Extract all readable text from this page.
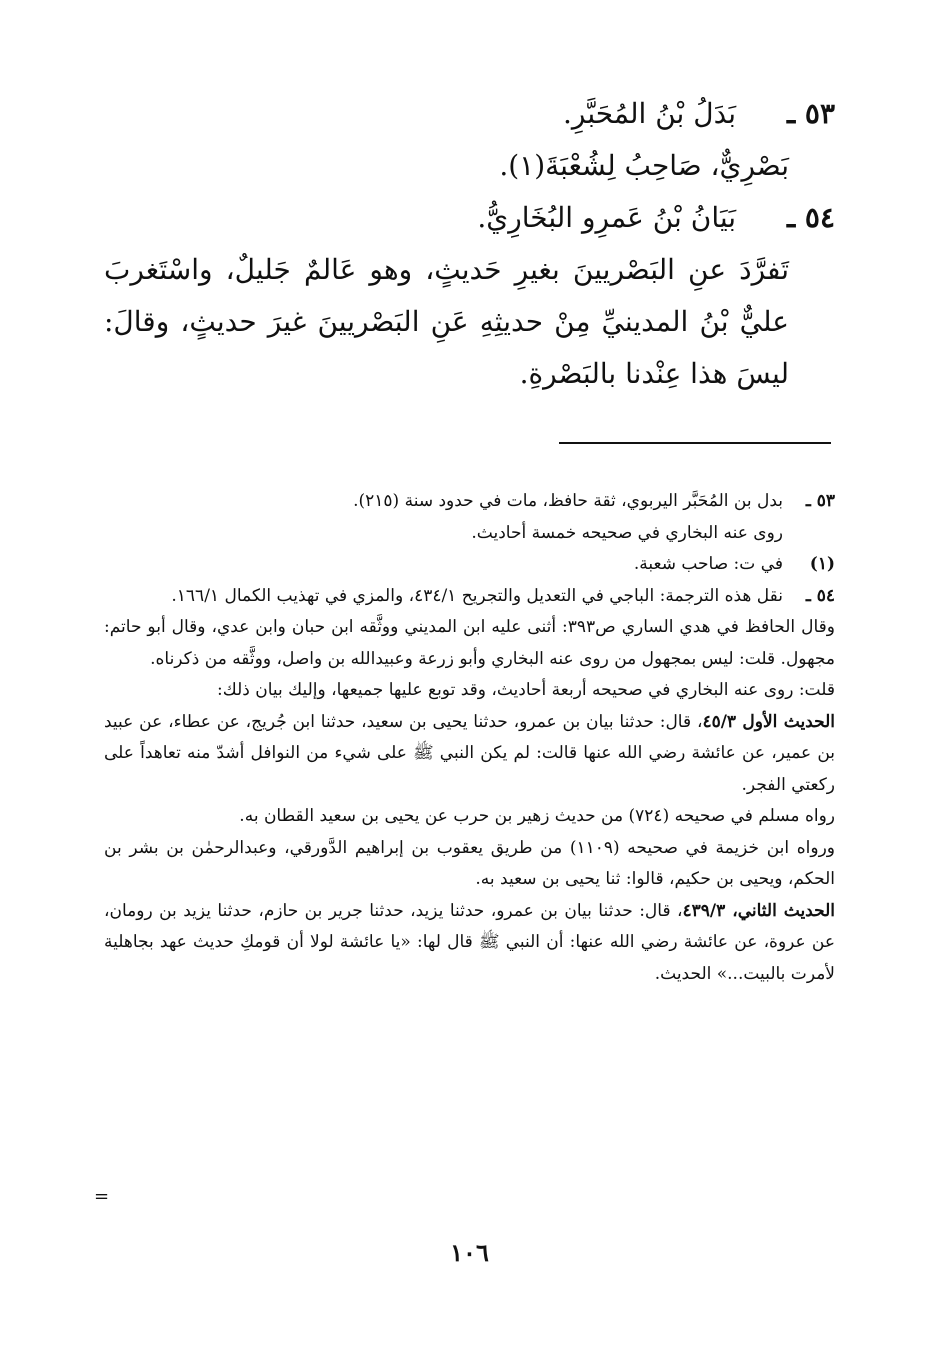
٥٣ ـ بَدَلُ بْنُ المُحَبَّرِ.
بَصْرِيٌّ، صَاحِبُ لِشُعْبَةَ(١).
٥٤ ـ بَيَانُ بْنُ عَمرِو البُخَارِيُّ.
تَفرَّدَ عنِ البَصْريينَ بغيرِ حَديثٍ، وهو عَالمٌ جَليلٌ، واسْتَغربَ عليٌّ بْنُ المدينيِّ مِنْ حديثِهِ عَنِ البَصْريينَ غيرَ حديثٍ، وقالَ: ليسَ هذا عِنْدنا بالبَصْرةِ.
٥٣ ـ
بدل بن المُحَبَّر اليربوي، ثقة حافظ، مات في حدود سنة (٢١٥).
روى عنه البخاري في صحيحه خمسة أحاديث.
(١)
في ت: صاحب شعبة.
٥٤ ـ
نقل هذه الترجمة: الباجي في التعديل والتجريح ٤٣٤/١، والمزي في تهذيب الكمال ١٦٦/١.
وقال الحافظ في هدي الساري ص٣٩٣: أثنى عليه ابن المديني ووثَّقه ابن حبان وابن عدي، وقال أبو حاتم: مجهول. قلت: ليس بمجهول من روى عنه البخاري وأبو زرعة وعبيدالله بن واصل، ووثَّقه من ذكرناه.
قلت: روى عنه البخاري في صحيحه أربعة أحاديث، وقد توبع عليها جميعها، وإليك بيان ذلك:
الحديث الأول ٤٥/٣، قال: حدثنا بيان بن عمرو، حدثنا يحيى بن سعيد، حدثنا ابن جُريج، عن عطاء، عن عبيد بن عمير، عن عائشة رضي الله عنها قالت: لم يكن النبي ﷺ على شيء من النوافل أشدّ منه تعاهداً على ركعتي الفجر.
رواه مسلم في صحيحه (٧٢٤) من حديث زهير بن حرب عن يحيى بن سعيد القطان به.
ورواه ابن خزيمة في صحيحه (١١٠٩) من طريق يعقوب بن إبراهيم الدَّورقي، وعبدالرحمٰن بن بشر بن الحكم، ويحيى بن حكيم، قالوا: ثنا يحيى بن سعيد به.
الحديث الثاني، ٤٣٩/٣، قال: حدثنا بيان بن عمرو، حدثنا يزيد، حدثنا جرير بن حازم، حدثنا يزيد بن رومان، عن عروة، عن عائشة رضي الله عنها: أن النبي ﷺ قال لها: «يا عائشة لولا أن قومكِ حديث عهد بجاهلية لأمرت بالبيت...» الحديث.
=
١٠٦
